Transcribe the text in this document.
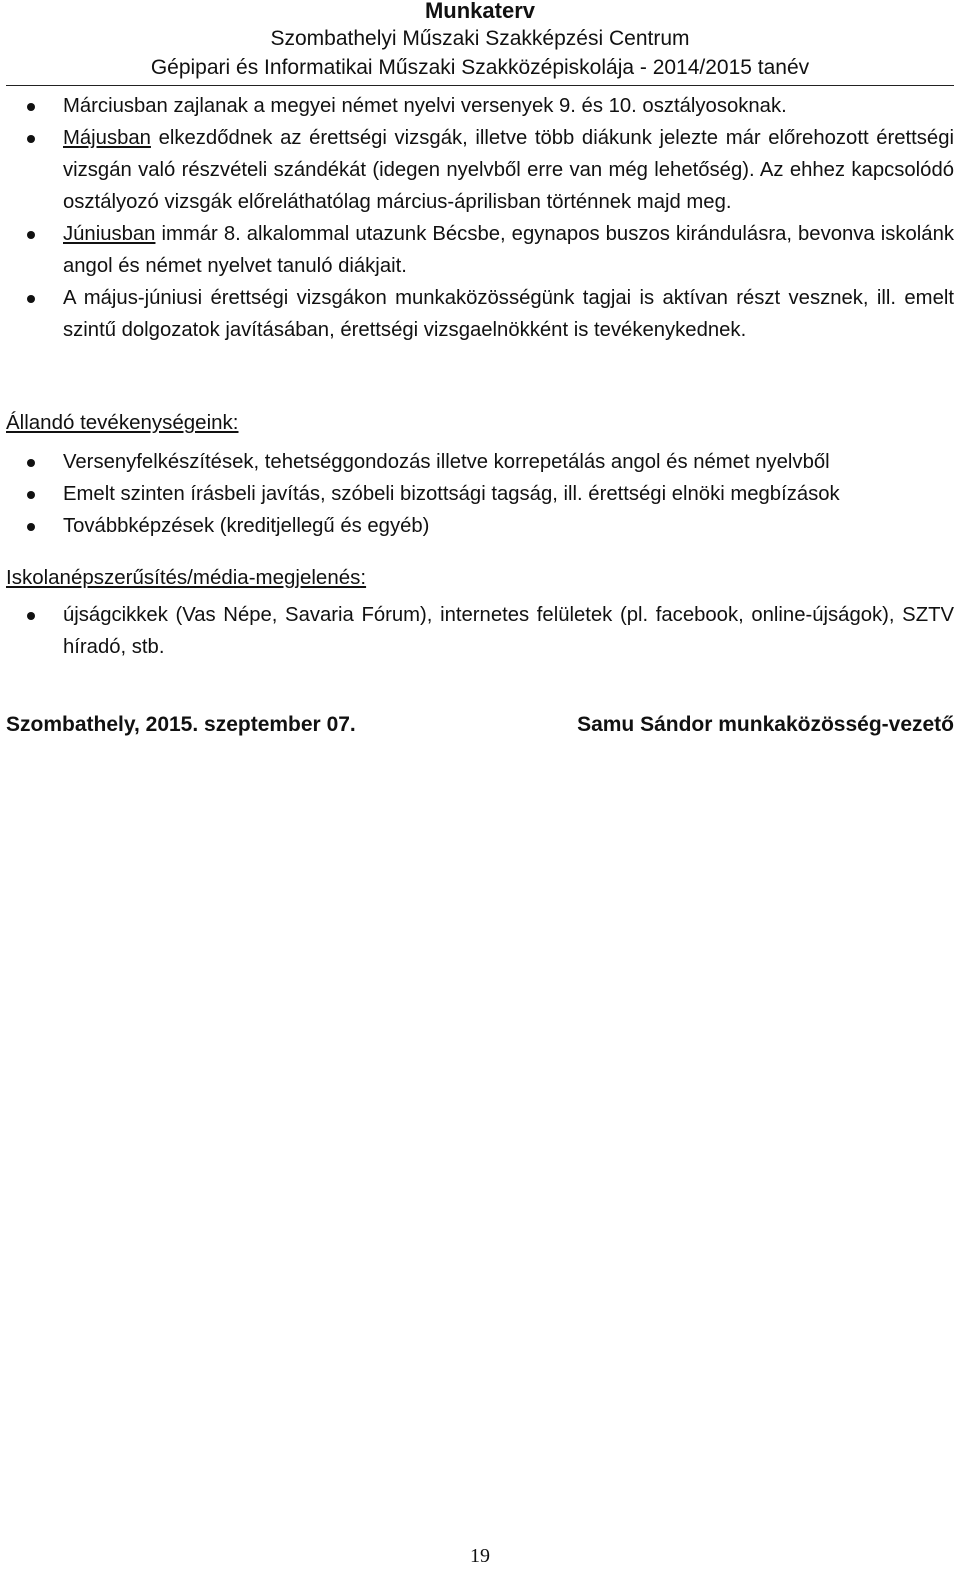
Munkaterv
Szombathelyi Műszaki Szakképzési Centrum
Gépipari és Informatikai Műszaki Szakközépiskolája - 2014/2015 tanév
Márciusban zajlanak a megyei német nyelvi versenyek 9. és 10. osztályosoknak.
Májusban elkezdődnek az érettségi vizsgák, illetve több diákunk jelezte már előrehozott érettségi vizsgán való részvételi szándékát (idegen nyelvből erre van még lehetőség). Az ehhez kapcsolódó osztályozó vizsgák előreláthatólag március-áprilisban történnek majd meg.
Júniusban immár 8. alkalommal utazunk Bécsbe, egynapos buszos kirándulásra, bevonva iskolánk angol és német nyelvet tanuló diákjait.
A május-júniusi érettségi vizsgákon munkaközösségünk tagjai is aktívan részt vesznek, ill. emelt szintű dolgozatok javításában, érettségi vizsgaelnökként is tevékenykednek.
Állandó tevékenységeink:
Versenyfelkészítések, tehetséggondozás illetve korrepetálás angol és német nyelvből
Emelt szinten írásbeli javítás, szóbeli bizottsági tagság, ill. érettségi elnöki megbízások
Továbbképzések (kreditjellegű és egyéb)
Iskolanépszerűsítés/média-megjelenés:
újságcikkek (Vas Népe, Savaria Fórum), internetes felületek (pl. facebook, online-újságok), SZTV híradó, stb.
Szombathely, 2015. szeptember 07.	Samu Sándor munkaközösség-vezető
19
